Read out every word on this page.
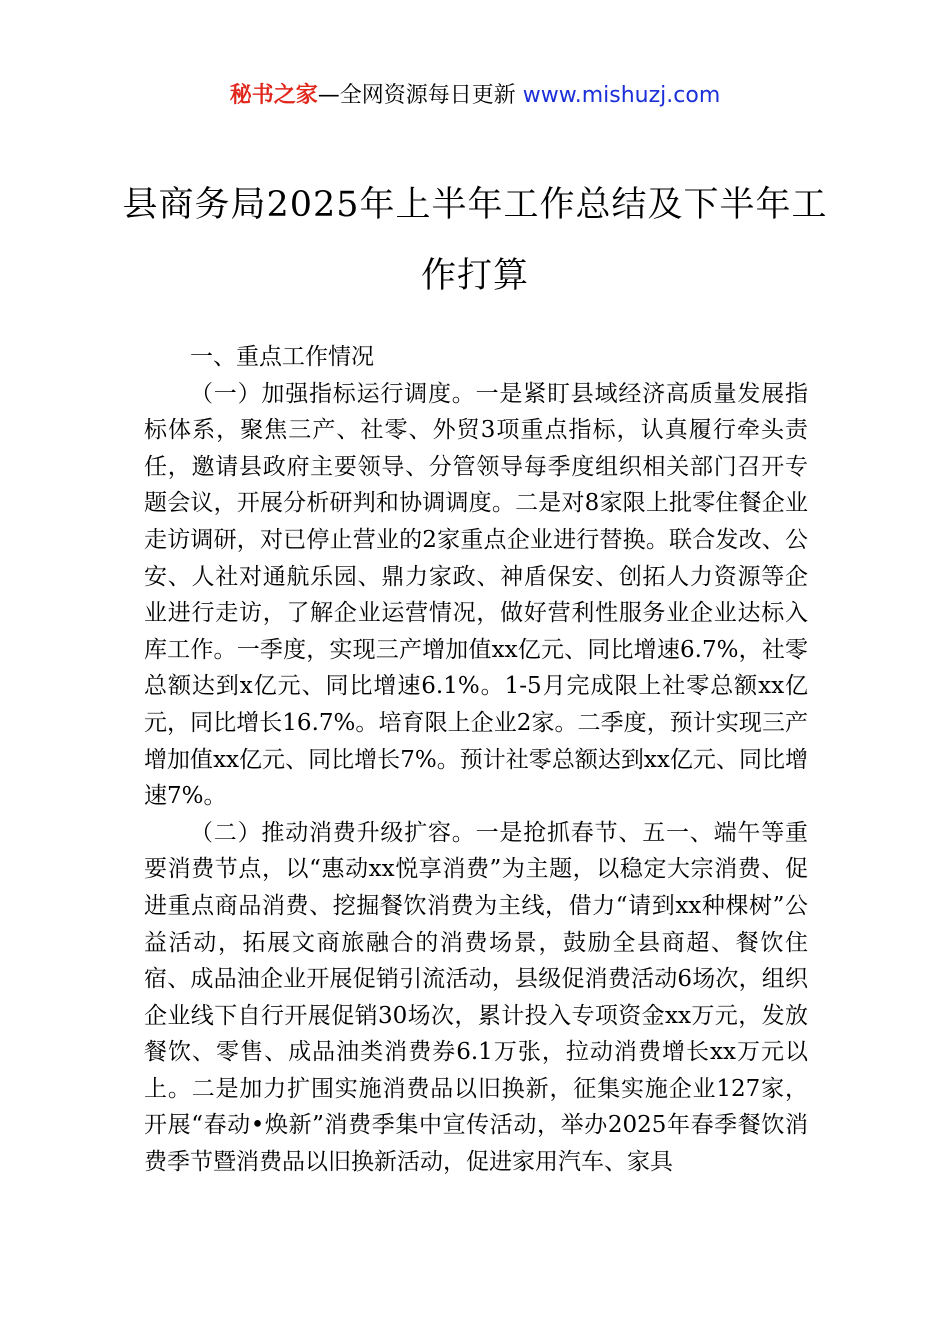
秘书之家—全网资源每日更新 www.mishuzj.com
县商务局2025年上半年工作总结及下半年工作打算

一、重点工作情况

（一）加强指标运行调度。一是紧盯县域经济高质量发展指标体系，聚焦三产、社零、外贸3项重点指标，认真履行牵头责任，邀请县政府主要领导、分管领导每季度组织相关部门召开专题会议，开展分析研判和协调调度。二是对8家限上批零住餐企业走访调研，对已停止营业的2家重点企业进行替换。联合发改、公安、人社对通航乐园、鼎力家政、神盾保安、创拓人力资源等企业进行走访，了解企业运营情况，做好营利性服务业企业达标入库工作。一季度，实现三产增加值xx亿元、同比增速6.7%，社零总额达到x亿元、同比增速6.1%。1-5月完成限上社零总额xx亿元，同比增长16.7%。培育限上企业2家。二季度，预计实现三产增加值xx亿元、同比增长7%。预计社零总额达到xx亿元、同比增速7%。

（二）推动消费升级扩容。一是抢抓春节、五一、端午等重要消费节点，以“惠动xx悦享消费”为主题，以稳定大宗消费、促进重点商品消费、挖掘餐饮消费为主线，借力“请到xx种棵树”公益活动，拓展文商旅融合的消费场景，鼓励全县商超、餐饮住宿、成品油企业开展促销引流活动，县级促消费活动6场次，组织企业线下自行开展促销30场次，累计投入专项资金xx万元，发放餐饮、零售、成品油类消费券6.1万张，拉动消费增长xx万元以上。二是加力扩围实施消费品以旧换新，征集实施企业127家，开展“春动•焕新”消费季集中宣传活动，举办2025年春季餐饮消费季节暨消费品以旧换新活动，促进家用汽车、家具
